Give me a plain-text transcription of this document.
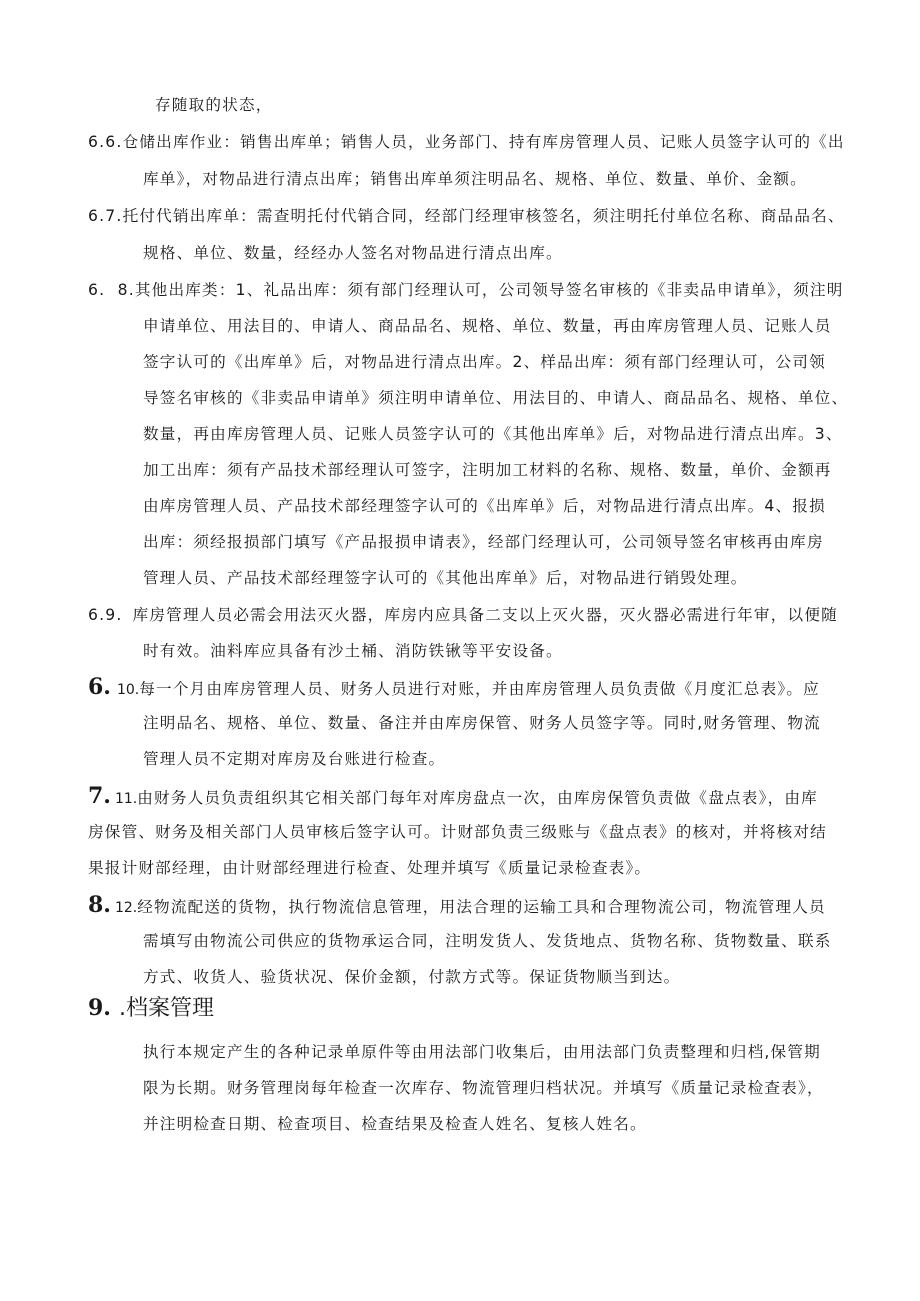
存随取的状态，
6.6.仓储出库作业：销售出库单；销售人员，业务部门、持有库房管理人员、记账人员签字认可的《出
库单》，对物品进行清点出库；销售出库单须注明品名、规格、单位、数量、单价、金额。
6.7.托付代销出库单：需查明托付代销合同，经部门经理审核签名，须注明托付单位名称、商品品名、
规格、单位、数量，经经办人签名对物品进行清点出库。
6.  8.其他出库类：1、礼品出库：须有部门经理认可，公司领导签名审核的《非卖品申请单》，须注明
申请单位、用法目的、申请人、商品品名、规格、单位、数量，再由库房管理人员、记账人员
签字认可的《出库单》后，对物品进行清点出库。2、样品出库：须有部门经理认可，公司领
导签名审核的《非卖品申请单》须注明申请单位、用法目的、申请人、商品品名、规格、单位、
数量，再由库房管理人员、记账人员签字认可的《其他出库单》后，对物品进行清点出库。3、
加工出库：须有产品技术部经理认可签字，注明加工材料的名称、规格、数量，单价、金额再
由库房管理人员、产品技术部经理签字认可的《出库单》后，对物品进行清点出库。4、报损
出库：须经报损部门填写《产品报损申请表》，经部门经理认可，公司领导签名审核再由库房
管理人员、产品技术部经理签字认可的《其他出库单》后，对物品进行销毁处理。
6.9. 库房管理人员必需会用法灭火器，库房内应具备二支以上灭火器，灭火器必需进行年审，以便随
时有效。油料库应具备有沙土桶、消防铁锹等平安设备。
6. 10.每一个月由库房管理人员、财务人员进行对账，并由库房管理人员负责做《月度汇总表》。应
注明品名、规格、单位、数量、备注并由库房保管、财务人员签字等。同时,财务管理、物流
管理人员不定期对库房及台账进行检查。
7. 11.由财务人员负责组织其它相关部门每年对库房盘点一次，由库房保管负责做《盘点表》，由库
房保管、财务及相关部门人员审核后签字认可。计财部负责三级账与《盘点表》的核对，并将核对结
果报计财部经理，由计财部经理进行检查、处理并填写《质量记录检查表》。
8. 12.经物流配送的货物，执行物流信息管理，用法合理的运输工具和合理物流公司，物流管理人员
需填写由物流公司供应的货物承运合同，注明发货人、发货地点、货物名称、货物数量、联系
方式、收货人、验货状况、保价金额，付款方式等。保证货物顺当到达。
9. .档案管理
执行本规定产生的各种记录单原件等由用法部门收集后，由用法部门负责整理和归档,保管期
限为长期。财务管理岗每年检查一次库存、物流管理归档状况。并填写《质量记录检查表》，
并注明检查日期、检查项目、检查结果及检查人姓名、复核人姓名。
